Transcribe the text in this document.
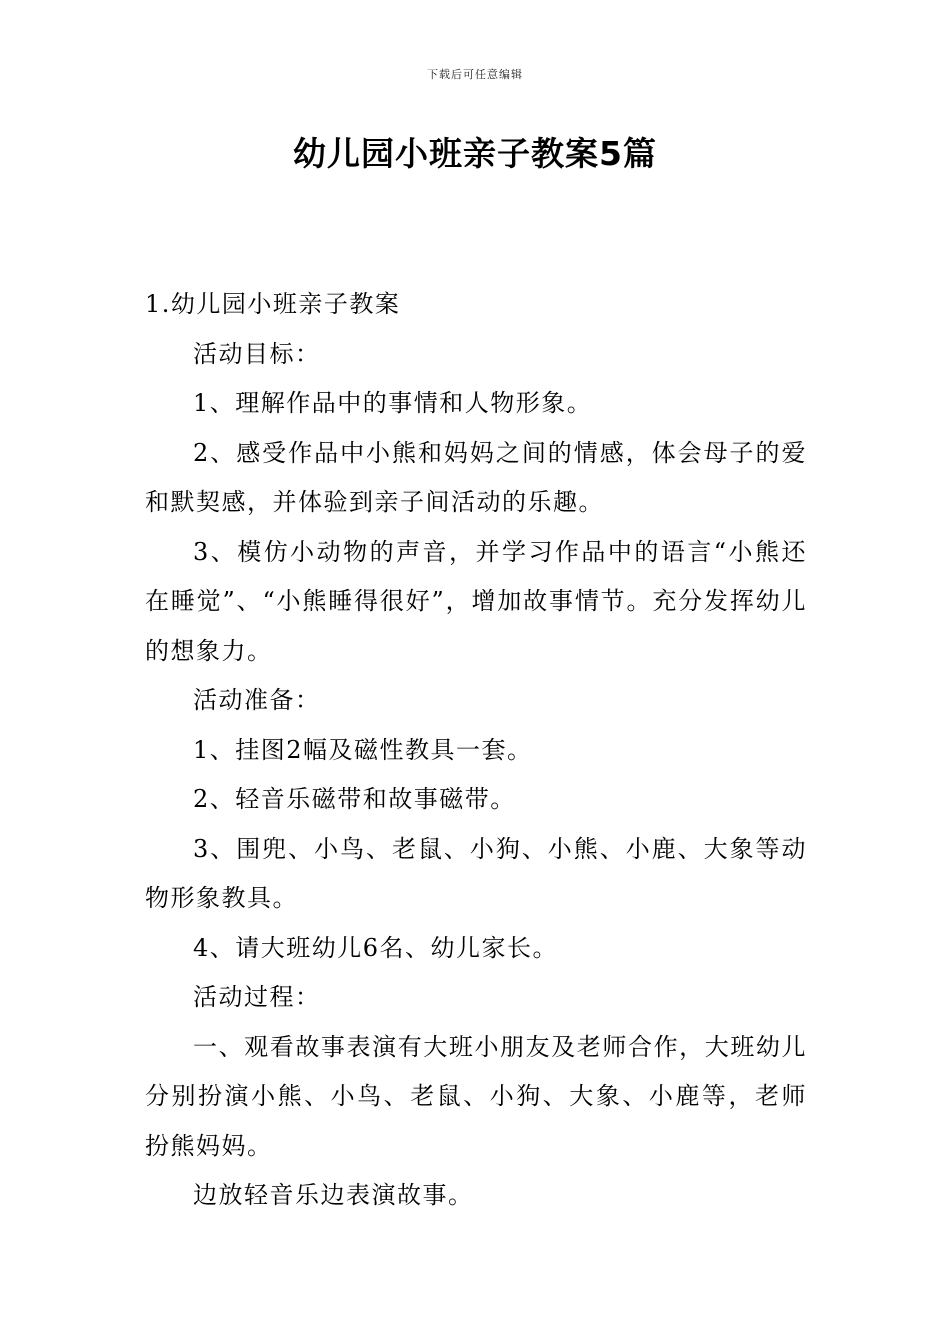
下载后可任意编辑
幼儿园小班亲子教案5篇

1.幼儿园小班亲子教案

活动目标：

1、理解作品中的事情和人物形象。

2、感受作品中小熊和妈妈之间的情感，体会母子的爱和默契感，并体验到亲子间活动的乐趣。

3、模仿小动物的声音，并学习作品中的语言“小熊还在睡觉”、“小熊睡得很好”，增加故事情节。充分发挥幼儿的想象力。

活动准备：

1、挂图2幅及磁性教具一套。

2、轻音乐磁带和故事磁带。

3、围兜、小鸟、老鼠、小狗、小熊、小鹿、大象等动物形象教具。

4、请大班幼儿6名、幼儿家长。

活动过程：

一、观看故事表演有大班小朋友及老师合作，大班幼儿分别扮演小熊、小鸟、老鼠、小狗、大象、小鹿等，老师扮熊妈妈。

边放轻音乐边表演故事。
